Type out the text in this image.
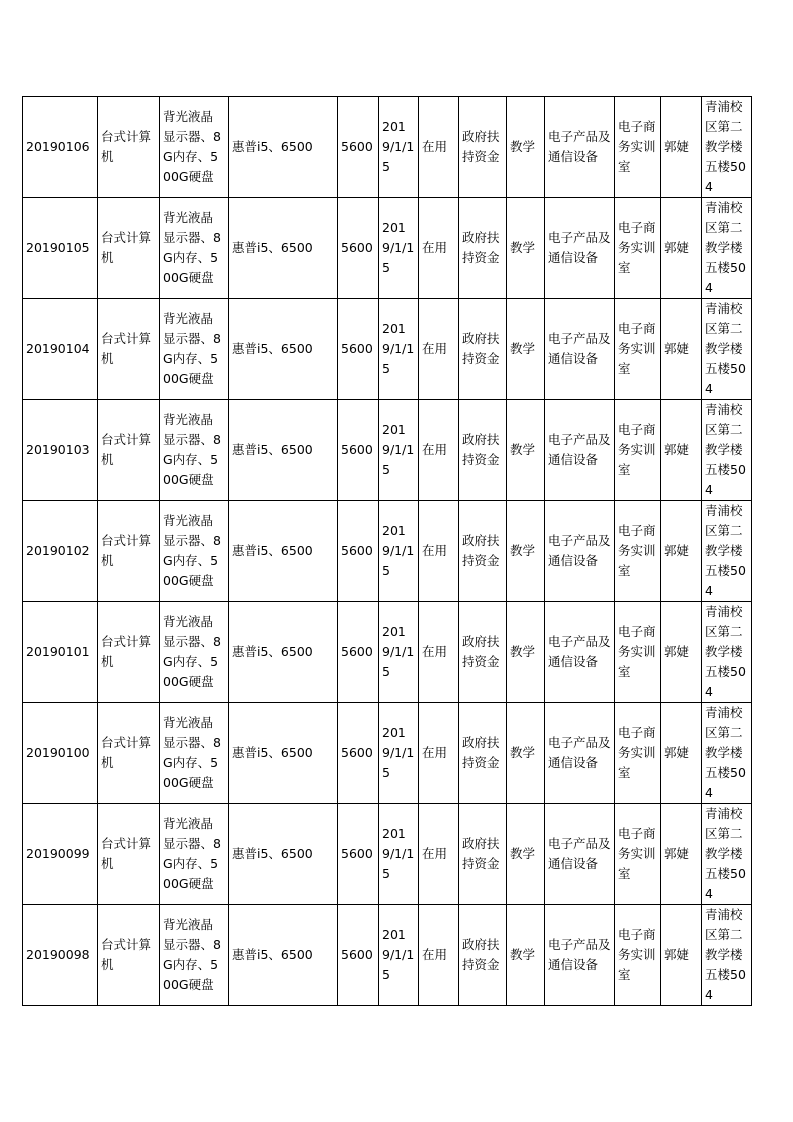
20190106	台式计算机	背光液晶显示器、8G内存、500G硬盘	惠普i5、6500	5600	2019/1/15	在用	政府扶持资金	教学	电子产品及通信设备	电子商务实训室	郭婕	青浦校区第二教学楼五楼504
20190105	台式计算机	背光液晶显示器、8G内存、500G硬盘	惠普i5、6500	5600	2019/1/15	在用	政府扶持资金	教学	电子产品及通信设备	电子商务实训室	郭婕	青浦校区第二教学楼五楼504
20190104	台式计算机	背光液晶显示器、8G内存、500G硬盘	惠普i5、6500	5600	2019/1/15	在用	政府扶持资金	教学	电子产品及通信设备	电子商务实训室	郭婕	青浦校区第二教学楼五楼504
20190103	台式计算机	背光液晶显示器、8G内存、500G硬盘	惠普i5、6500	5600	2019/1/15	在用	政府扶持资金	教学	电子产品及通信设备	电子商务实训室	郭婕	青浦校区第二教学楼五楼504
20190102	台式计算机	背光液晶显示器、8G内存、500G硬盘	惠普i5、6500	5600	2019/1/15	在用	政府扶持资金	教学	电子产品及通信设备	电子商务实训室	郭婕	青浦校区第二教学楼五楼504
20190101	台式计算机	背光液晶显示器、8G内存、500G硬盘	惠普i5、6500	5600	2019/1/15	在用	政府扶持资金	教学	电子产品及通信设备	电子商务实训室	郭婕	青浦校区第二教学楼五楼504
20190100	台式计算机	背光液晶显示器、8G内存、500G硬盘	惠普i5、6500	5600	2019/1/15	在用	政府扶持资金	教学	电子产品及通信设备	电子商务实训室	郭婕	青浦校区第二教学楼五楼504
20190099	台式计算机	背光液晶显示器、8G内存、500G硬盘	惠普i5、6500	5600	2019/1/15	在用	政府扶持资金	教学	电子产品及通信设备	电子商务实训室	郭婕	青浦校区第二教学楼五楼504
20190098	台式计算机	背光液晶显示器、8G内存、500G硬盘	惠普i5、6500	5600	2019/1/15	在用	政府扶持资金	教学	电子产品及通信设备	电子商务实训室	郭婕	青浦校区第二教学楼五楼504
